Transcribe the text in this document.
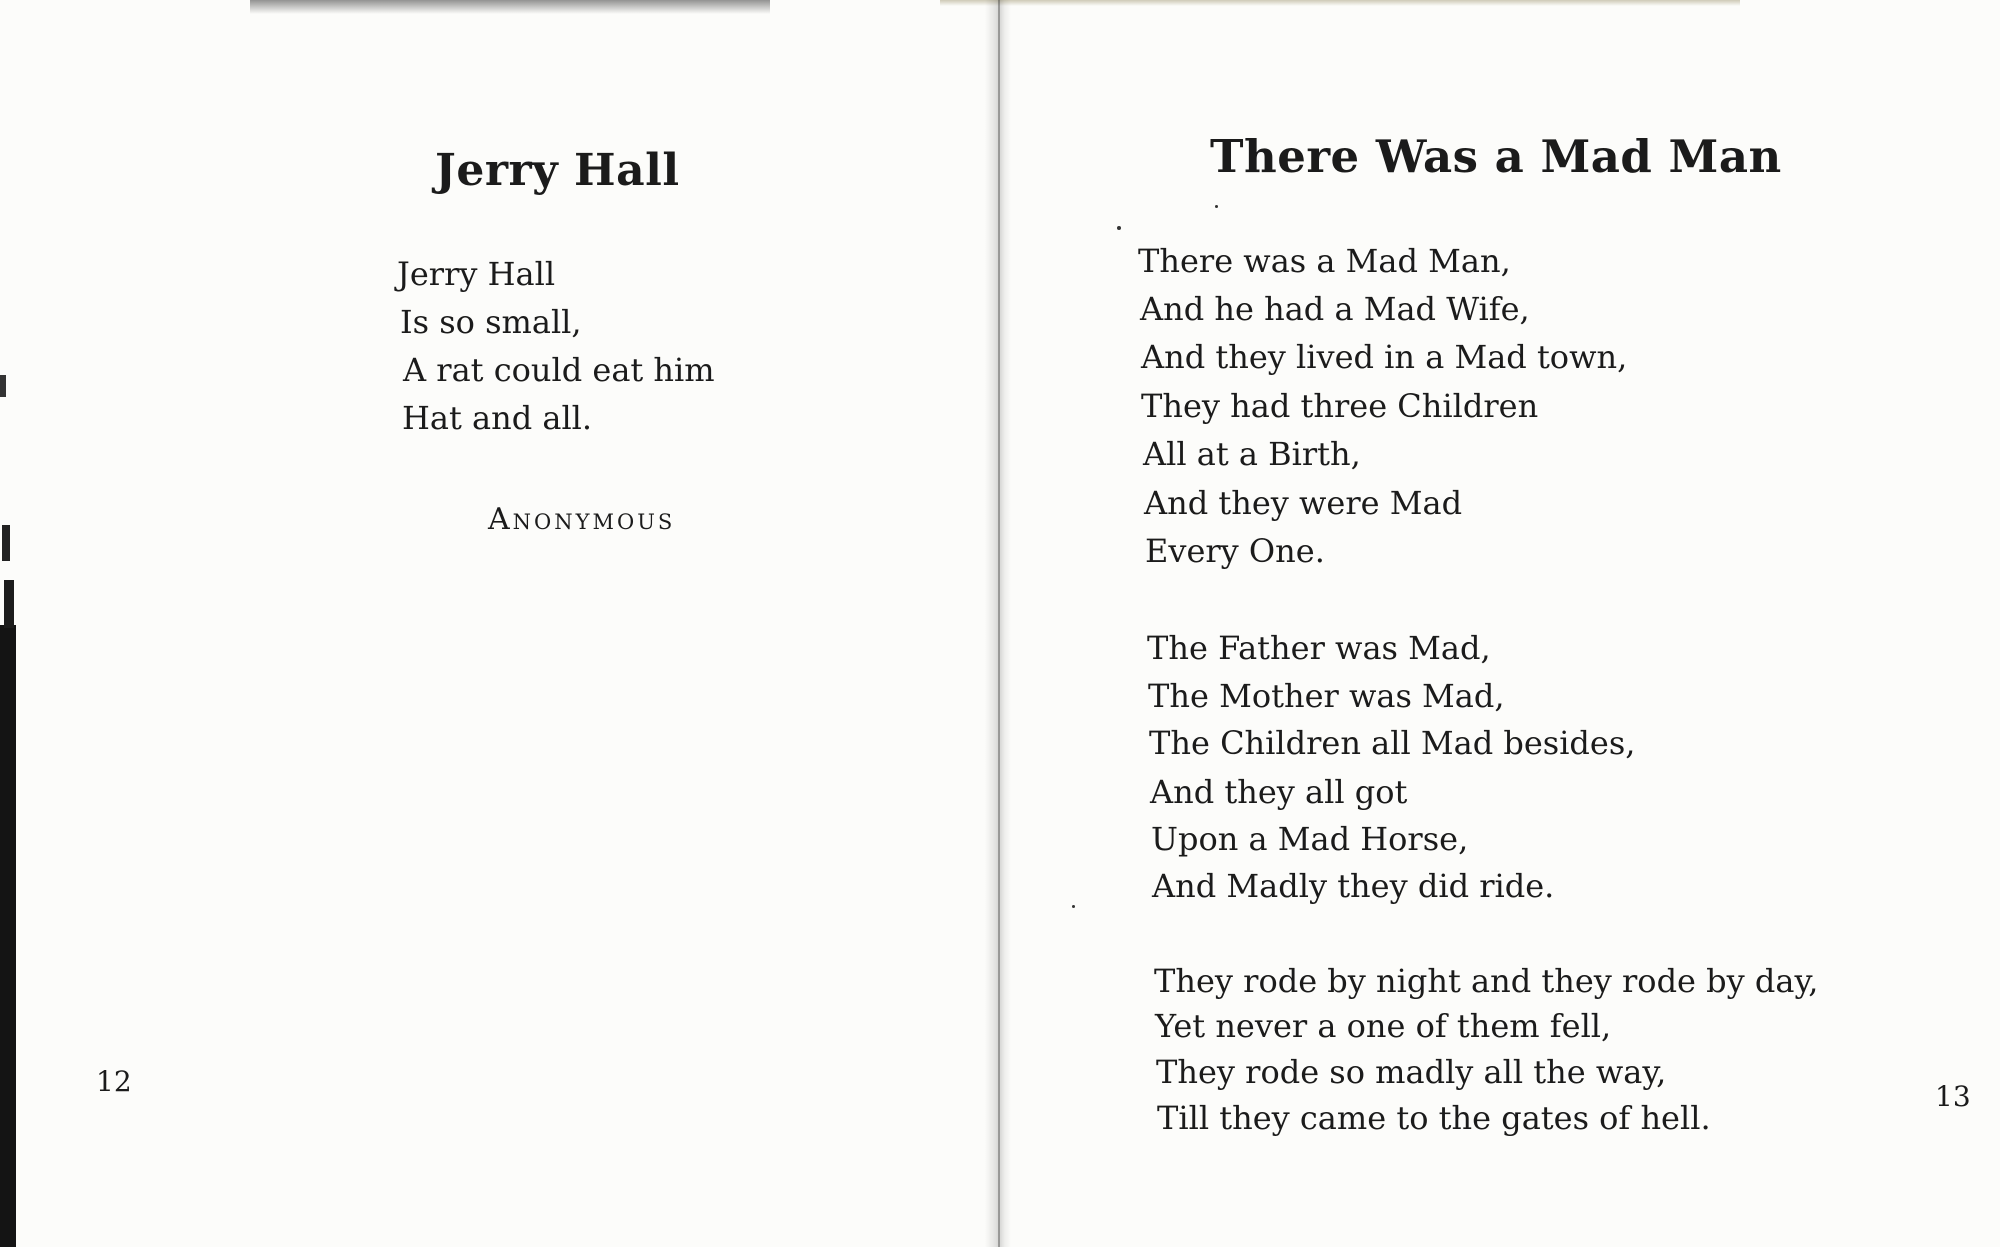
Jerry Hall
Jerry Hall
Is so small,
A rat could eat him
Hat and all.
Anonymous
12
There Was a Mad Man
There was a Mad Man,
And he had a Mad Wife,
And they lived in a Mad town,
They had three Children
All at a Birth,
And they were Mad
Every One.
The Father was Mad,
The Mother was Mad,
The Children all Mad besides,
And they all got
Upon a Mad Horse,
And Madly they did ride.
They rode by night and they rode by day,
Yet never a one of them fell,
They rode so madly all the way,
Till they came to the gates of hell.
13
